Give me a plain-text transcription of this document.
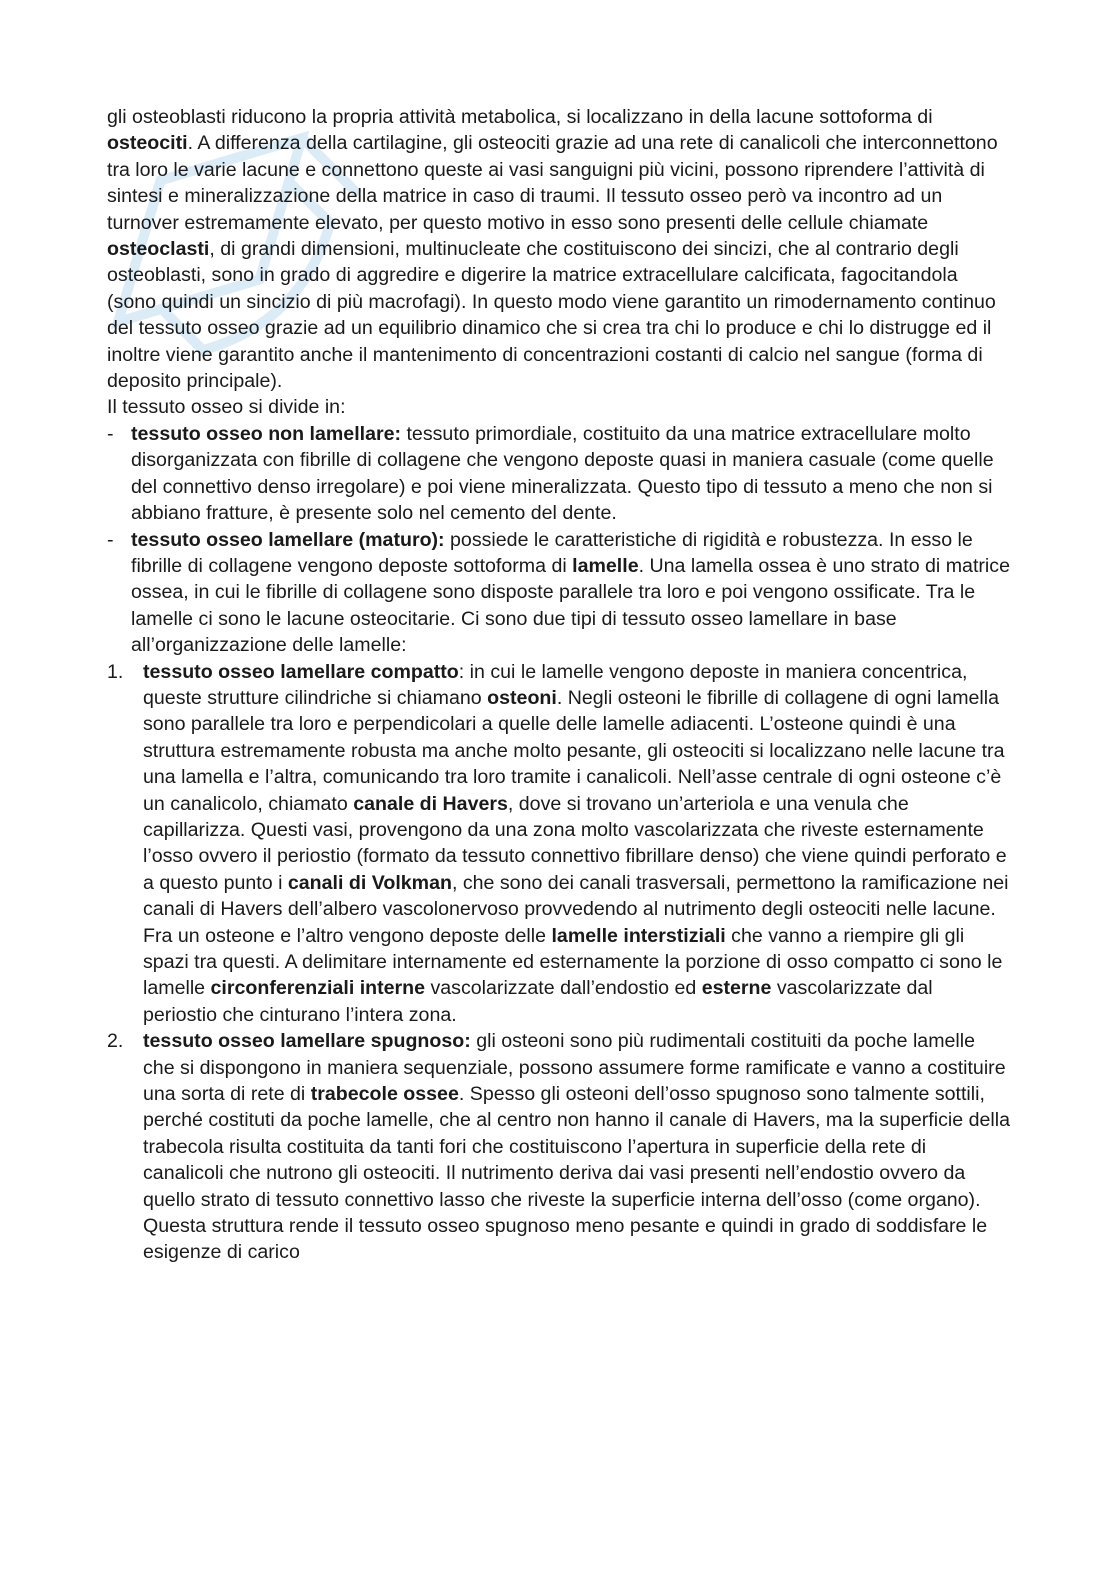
gli osteoblasti riducono la propria attività metabolica, si localizzano in della lacune sottoforma di osteociti. A differenza della cartilagine, gli osteociti grazie ad una rete di canalicoli che interconnettono tra loro le varie lacune e connettono queste ai vasi sanguigni più vicini, possono riprendere l’attività di sintesi e mineralizzazione della matrice in caso di traumi. Il tessuto osseo però va incontro ad un turnover estremamente elevato, per questo motivo in esso sono presenti delle cellule chiamate osteoclasti, di grandi dimensioni, multinucleate che costituiscono dei sincizi, che al contrario degli osteoblasti, sono in grado di aggredire e digerire la matrice extracellulare calcificata, fagocitandola (sono quindi un sincizio di più macrofagi). In questo modo viene garantito un rimodernamento continuo del tessuto osseo grazie ad un equilibrio dinamico che si crea tra chi lo produce e chi lo distrugge ed il inoltre viene garantito anche il mantenimento di concentrazioni costanti di calcio nel sangue (forma di deposito principale).

Il tessuto osseo si divide in:

- tessuto osseo non lamellare: tessuto primordiale, costituito da una matrice extracellulare molto disorganizzata con fibrille di collagene che vengono deposte quasi in maniera casuale (come quelle del connettivo denso irregolare) e poi viene mineralizzata. Questo tipo di tessuto a meno che non si abbiano fratture, è presente solo nel cemento del dente.

- tessuto osseo lamellare (maturo): possiede le caratteristiche di rigidità e robustezza. In esso le fibrille di collagene vengono deposte sottoforma di lamelle. Una lamella ossea è uno strato di matrice ossea, in cui le fibrille di collagene sono disposte parallele tra loro e poi vengono ossificate. Tra le lamelle ci sono le lacune osteocitarie. Ci sono due tipi di tessuto osseo lamellare in base all’organizzazione delle lamelle:

1. tessuto osseo lamellare compatto: in cui le lamelle vengono deposte in maniera concentrica, queste strutture cilindriche si chiamano osteoni. Negli osteoni le fibrille di collagene di ogni lamella sono parallele tra loro e perpendicolari a quelle delle lamelle adiacenti. L’osteone quindi è una struttura estremamente robusta ma anche molto pesante, gli osteociti si localizzano nelle lacune tra una lamella e l’altra, comunicando tra loro tramite i canalicoli. Nell’asse centrale di ogni osteone c’è un canalicolo, chiamato canale di Havers, dove si trovano un’arteriola e una venula che capillarizza. Questi vasi, provengono da una zona molto vascolarizzata che riveste esternamente l’osso ovvero il periostio (formato da tessuto connettivo fibrillare denso) che viene quindi perforato e a questo punto i canali di Volkman, che sono dei canali trasversali, permettono la ramificazione nei canali di Havers dell’albero vascolonervoso provvedendo al nutrimento degli osteociti nelle lacune. Fra un osteone e l’altro vengono deposte delle lamelle interstiziali che vanno a riempire gli gli spazi tra questi. A delimitare internamente ed esternamente la porzione di osso compatto ci sono le lamelle circonferenziali interne vascolarizzate dall’endostio ed esterne vascolarizzate dal periostio che cinturano l’intera zona.

2. tessuto osseo lamellare spugnoso: gli osteoni sono più rudimentali costituiti da poche lamelle che si dispongono in maniera sequenziale, possono assumere forme ramificate e vanno a costituire una sorta di rete di trabecole ossee. Spesso gli osteoni dell’osso spugnoso sono talmente sottili, perché costituti da poche lamelle, che al centro non hanno il canale di Havers, ma la superficie della trabecola risulta costituita da tanti fori che costituiscono l’apertura in superficie della rete di canalicoli che nutrono gli osteociti. Il nutrimento deriva dai vasi presenti nell’endostio ovvero da quello strato di tessuto connettivo lasso che riveste la superficie interna dell’osso (come organo). Questa struttura rende il tessuto osseo spugnoso meno pesante e quindi in grado di soddisfare le esigenze di carico
